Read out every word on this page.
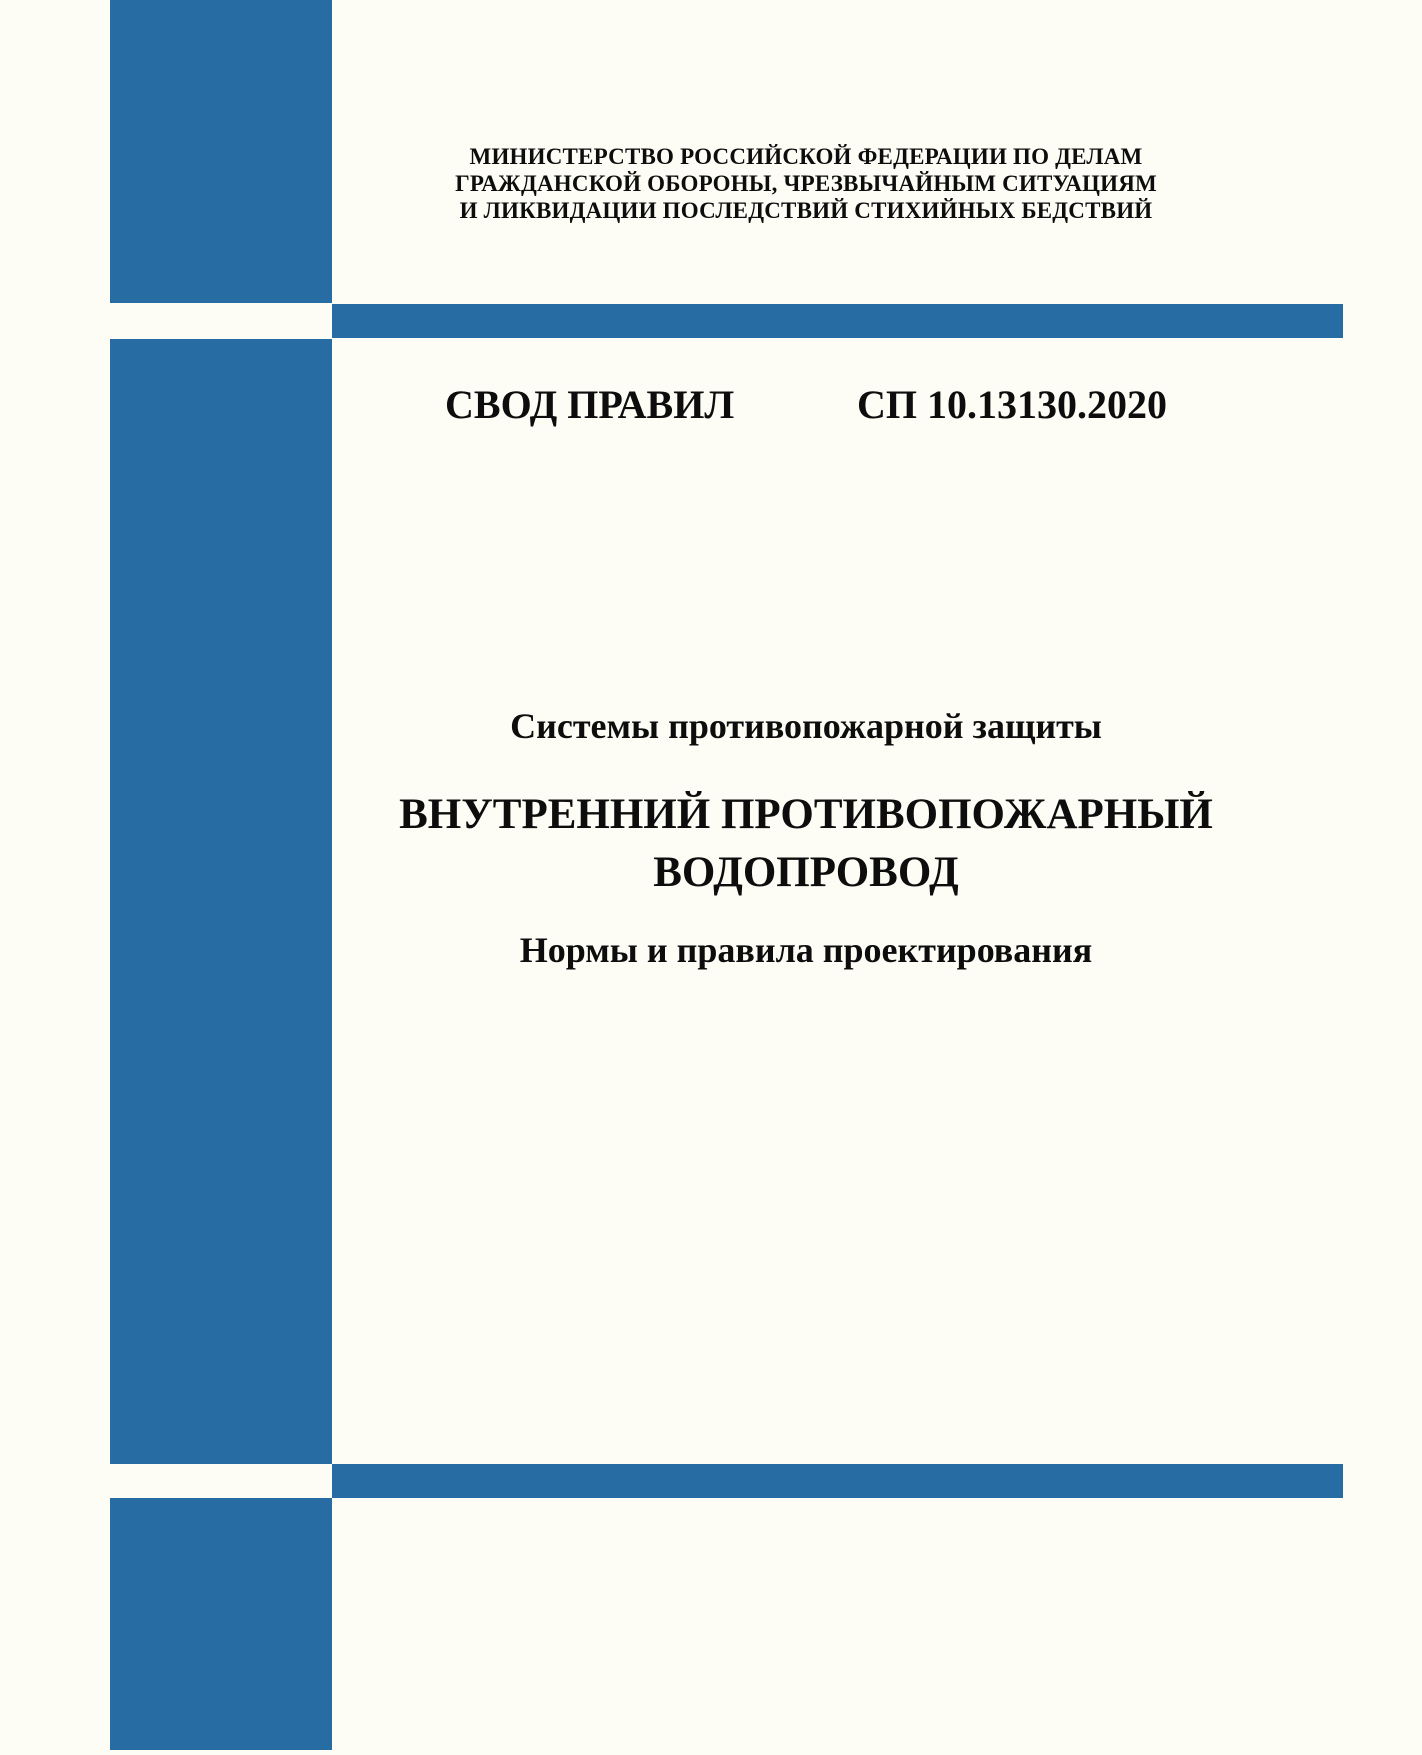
МИНИСТЕРСТВО РОССИЙСКОЙ ФЕДЕРАЦИИ ПО ДЕЛАМ
ГРАЖДАНСКОЙ ОБОРОНЫ, ЧРЕЗВЫЧАЙНЫМ СИТУАЦИЯМ
И ЛИКВИДАЦИИ ПОСЛЕДСТВИЙ СТИХИЙНЫХ БЕДСТВИЙ
СВОД ПРАВИЛ	СП 10.13130.2020
Системы противопожарной защиты
ВНУТРЕННИЙ ПРОТИВОПОЖАРНЫЙ
ВОДОПРОВОД
Нормы и правила проектирования
